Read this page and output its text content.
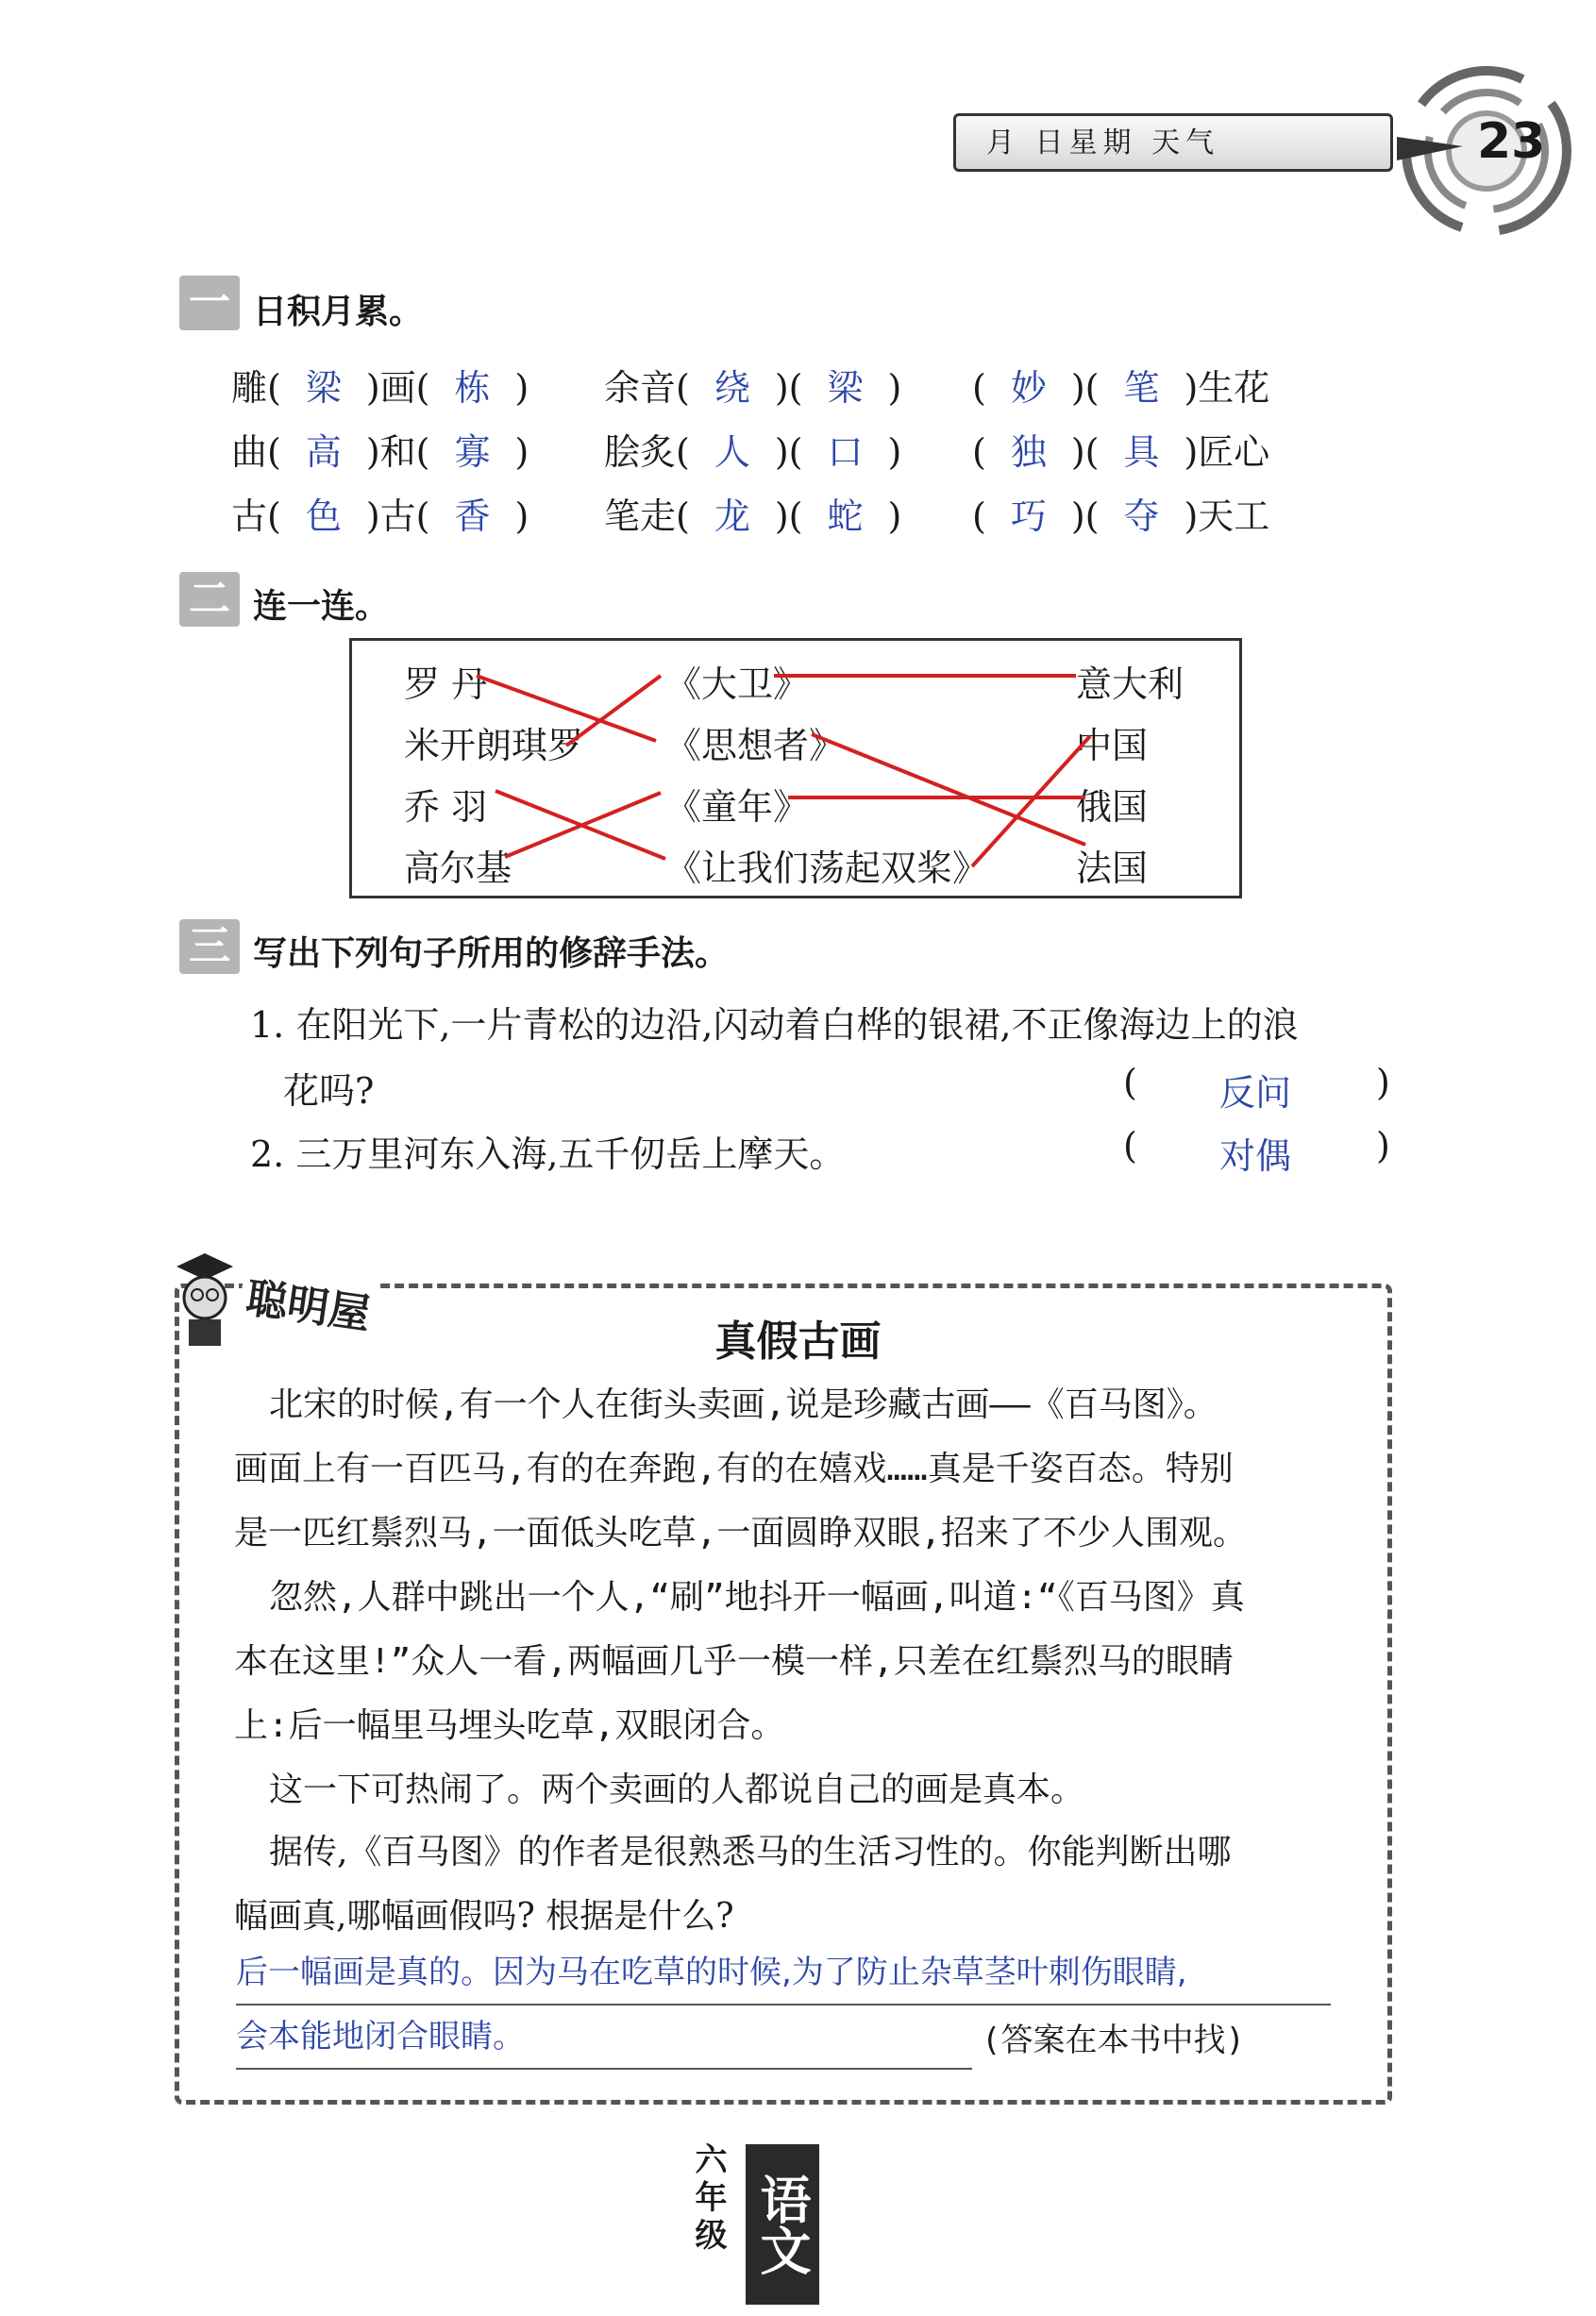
月 日星期 天气	23
一 日积月累。
雕( 梁 )画( 栋 ) 余音( 绕 )( 梁 ) ( 妙 )( 笔 )生花
曲( 高 )和( 寡 ) 脍炙( 人 )( 口 ) ( 独 )( 具 )匠心
古( 色 )古( 香 ) 笔走( 龙 )( 蛇 ) ( 巧 )( 夺 )天工
二 连一连。
罗 丹
米开朗琪罗
乔 羽
高尔基
《大卫》
《思想者》
《童年》
《让我们荡起双桨》
意大利
中国
俄国
法国
三 写出下列句子所用的修辞手法。
1. 在阳光下,一片青松的边沿,闪动着白桦的银裙,不正像海边上的浪
花吗?	( 反问 )
2. 三万里河东入海,五千仞岳上摩天。	( 对偶 )
聪明屋
真假古画
北宋的时候,有一个人在街头卖画,说是珍藏古画——《百马图》。
画面上有一百匹马,有的在奔跑,有的在嬉戏……真是千姿百态。特别
是一匹红鬃烈马,一面低头吃草,一面圆睁双眼,招来了不少人围观。
忽然,人群中跳出一个人,“刷”地抖开一幅画,叫道:“《百马图》真
本在这里!”众人一看,两幅画几乎一模一样,只差在红鬃烈马的眼睛
上:后一幅里马埋头吃草,双眼闭合。
这一下可热闹了。两个卖画的人都说自己的画是真本。
据传,《百马图》的作者是很熟悉马的生活习性的。你能判断出哪
幅画真,哪幅画假吗? 根据是什么?
后一幅画是真的。因为马在吃草的时候,为了防止杂草茎叶刺伤眼睛,
会本能地闭合眼睛。	(答案在本书中找)
六年级 语文
